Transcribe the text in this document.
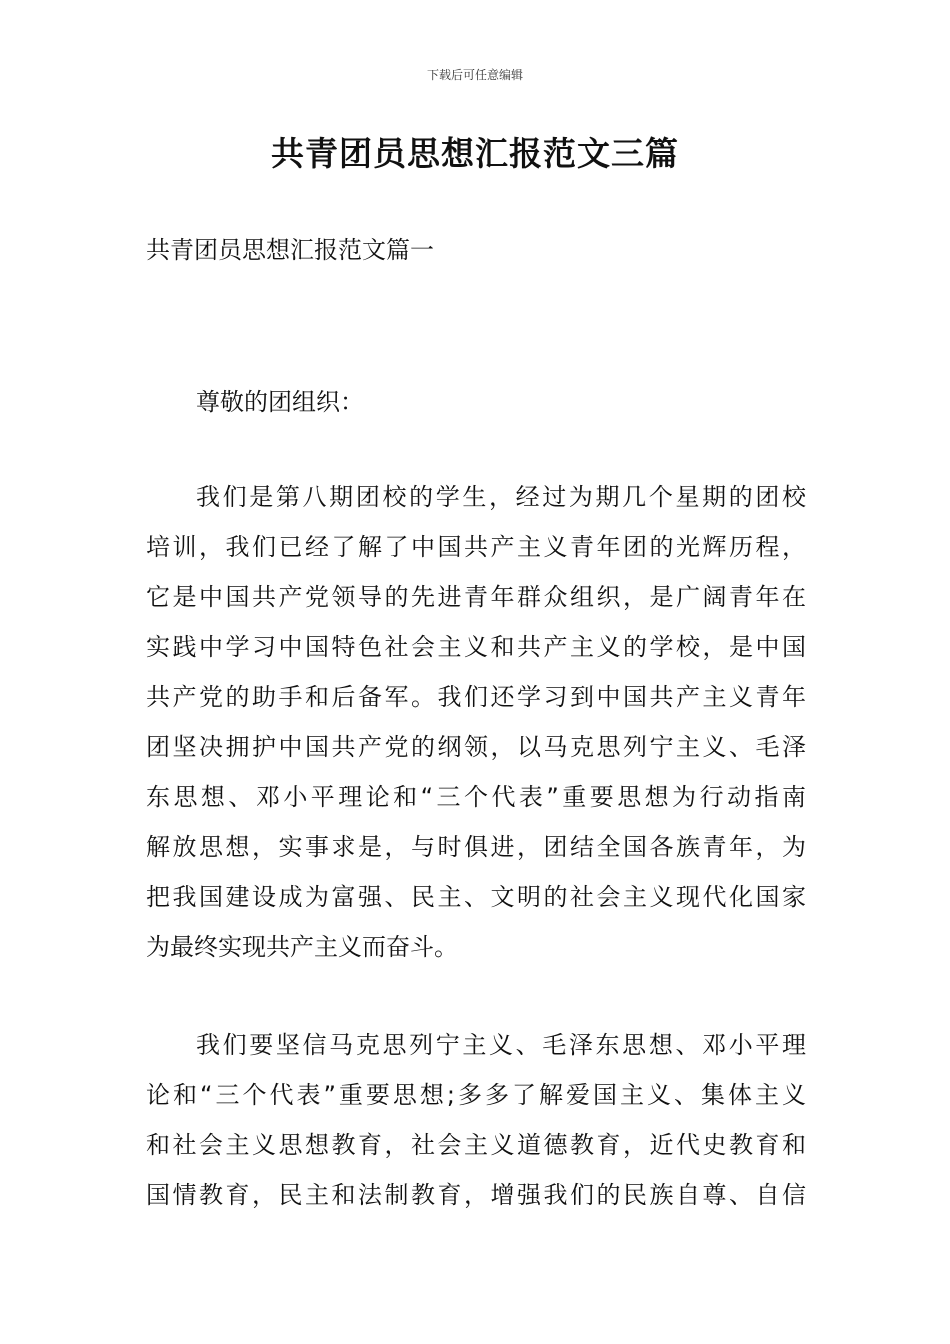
下载后可任意编辑
共青团员思想汇报范文三篇
共青团员思想汇报范文篇一
尊敬的团组织：
我们是第八期团校的学生，经过为期几个星期的团校
培训，我们已经了解了中国共产主义青年团的光辉历程，
它是中国共产党领导的先进青年群众组织，是广阔青年在
实践中学习中国特色社会主义和共产主义的学校，是中国
共产党的助手和后备军。我们还学习到中国共产主义青年
团坚决拥护中国共产党的纲领，以马克思列宁主义、毛泽
东思想、邓小平理论和“三个代表”重要思想为行动指南
解放思想，实事求是，与时俱进，团结全国各族青年，为
把我国建设成为富强、民主、文明的社会主义现代化国家
为最终实现共产主义而奋斗。
我们要坚信马克思列宁主义、毛泽东思想、邓小平理
论和“三个代表”重要思想;多多了解爱国主义、集体主义
和社会主义思想教育，社会主义道德教育，近代史教育和
国情教育，民主和法制教育，增强我们的民族自尊、自信
